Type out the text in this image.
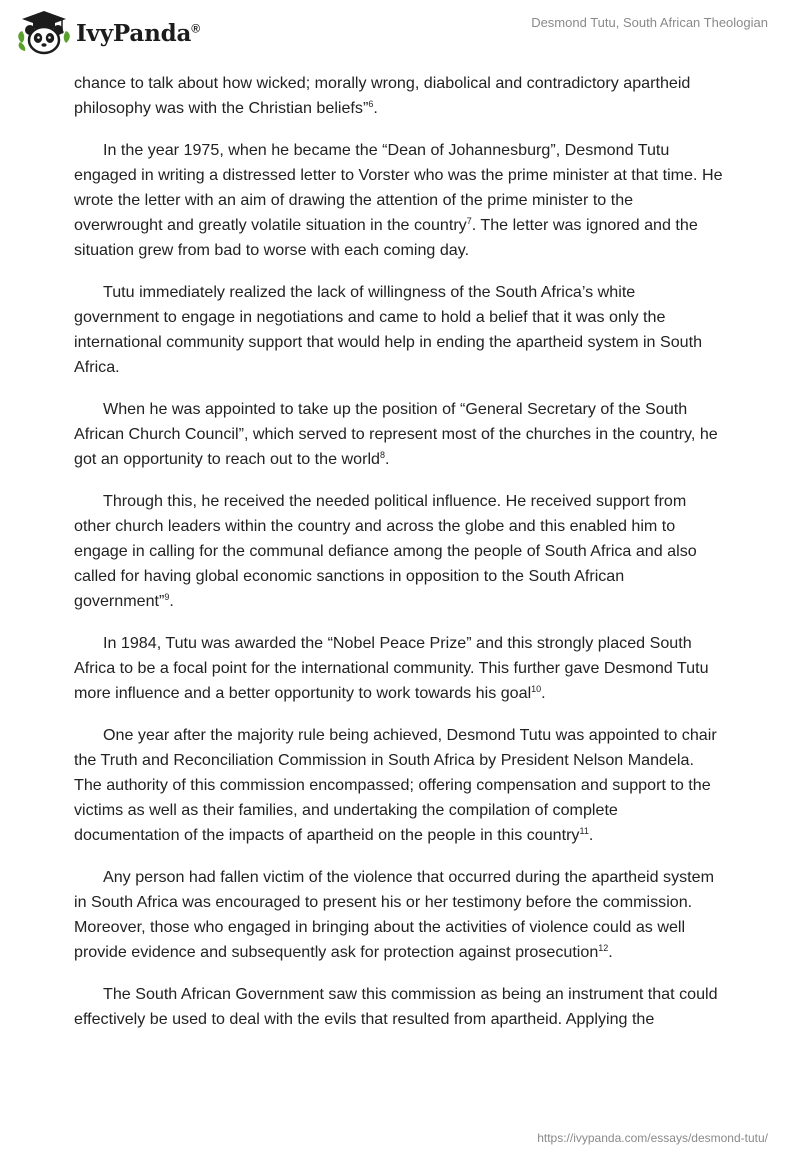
IvyPanda®	Desmond Tutu, South African Theologian

chance to talk about how wicked; morally wrong, diabolical and contradictory apartheid philosophy was with the Christian beliefs”$^6$.

In the year 1975, when he became the “Dean of Johannesburg”, Desmond Tutu engaged in writing a distressed letter to Vorster who was the prime minister at that time. He wrote the letter with an aim of drawing the attention of the prime minister to the overwrought and greatly volatile situation in the country$^7$. The letter was ignored and the situation grew from bad to worse with each coming day.

Tutu immediately realized the lack of willingness of the South Africa’s white government to engage in negotiations and came to hold a belief that it was only the international community support that would help in ending the apartheid system in South Africa.

When he was appointed to take up the position of “General Secretary of the South African Church Council”, which served to represent most of the churches in the country, he got an opportunity to reach out to the world$^8$.

Through this, he received the needed political influence. He received support from other church leaders within the country and across the globe and this enabled him to engage in calling for the communal defiance among the people of South Africa and also called for having global economic sanctions in opposition to the South African government”$^9$.

In 1984, Tutu was awarded the “Nobel Peace Prize” and this strongly placed South Africa to be a focal point for the international community. This further gave Desmond Tutu more influence and a better opportunity to work towards his goal$^{10}$.

One year after the majority rule being achieved, Desmond Tutu was appointed to chair the Truth and Reconciliation Commission in South Africa by President Nelson Mandela. The authority of this commission encompassed; offering compensation and support to the victims as well as their families, and undertaking the compilation of complete documentation of the impacts of apartheid on the people in this country$^{11}$.

Any person had fallen victim of the violence that occurred during the apartheid system in South Africa was encouraged to present his or her testimony before the commission. Moreover, those who engaged in bringing about the activities of violence could as well provide evidence and subsequently ask for protection against prosecution$^{12}$.

The South African Government saw this commission as being an instrument that could effectively be used to deal with the evils that resulted from apartheid. Applying the

https://ivypanda.com/essays/desmond-tutu/
